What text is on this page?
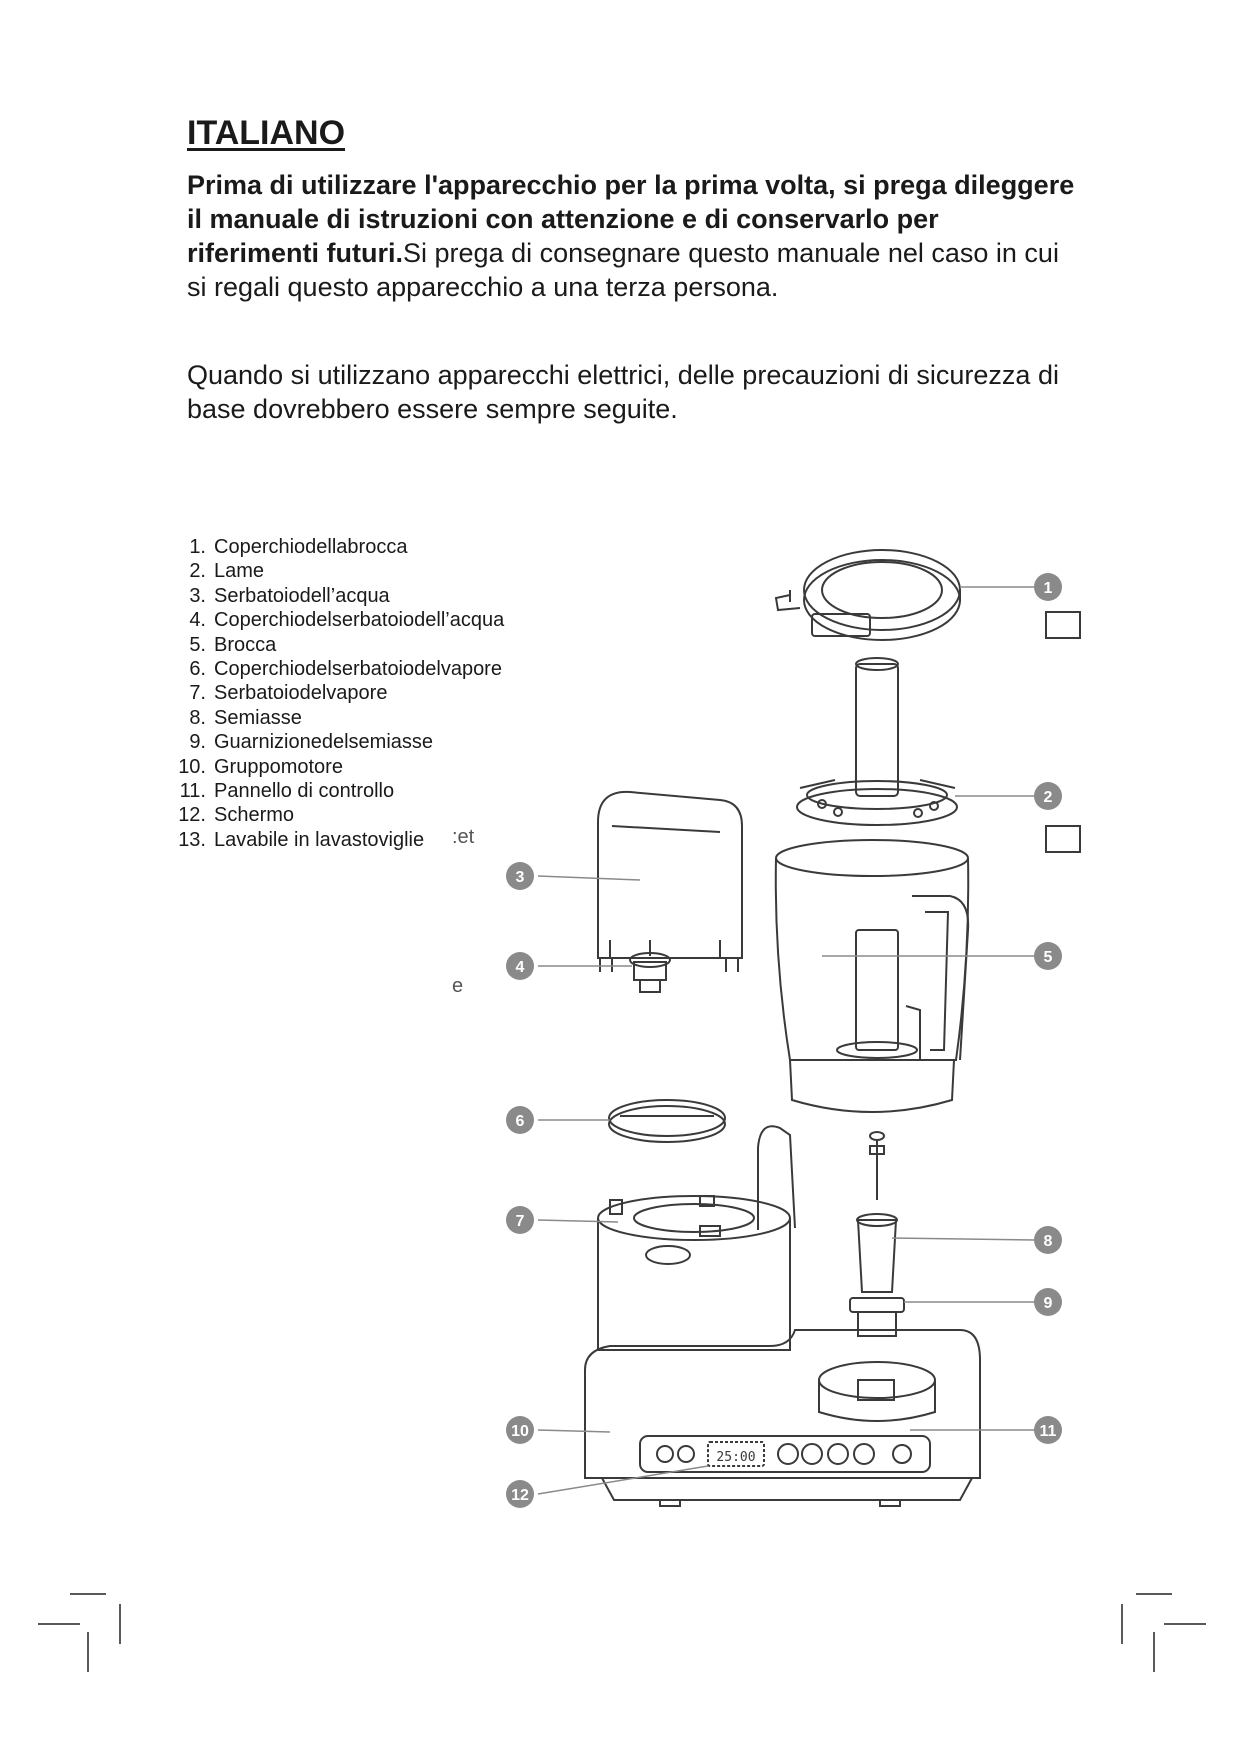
ITALIANO

Prima di utilizzare l'apparecchio per la prima volta, si prega dileggere il manuale di istruzioni con attenzione e di conservarlo per riferimenti futuri.Si prega di consegnare questo manuale nel caso in cui si regali questo apparecchio a una terza persona.

Quando si utilizzano apparecchi elettrici, delle precauzioni di sicurezza di base dovrebbero essere sempre seguite.

1. Coperchiodellabrocca
2. Lame
3. Serbatoiodell’acqua
4. Coperchiodelserbatoiodell’acqua
5. Brocca
6. Coperchiodelserbatoiodelvapore
7. Serbatoiodelvapore
8. Semiasse
9. Guarnizionedelsemiasse
10. Gruppomotore
11. Pannello di controllo
12. Schermo
13. Lavabile in lavastoviglie	:et
e
25:00
1
2
3
4
5
6
7
8
9
10	11
12
